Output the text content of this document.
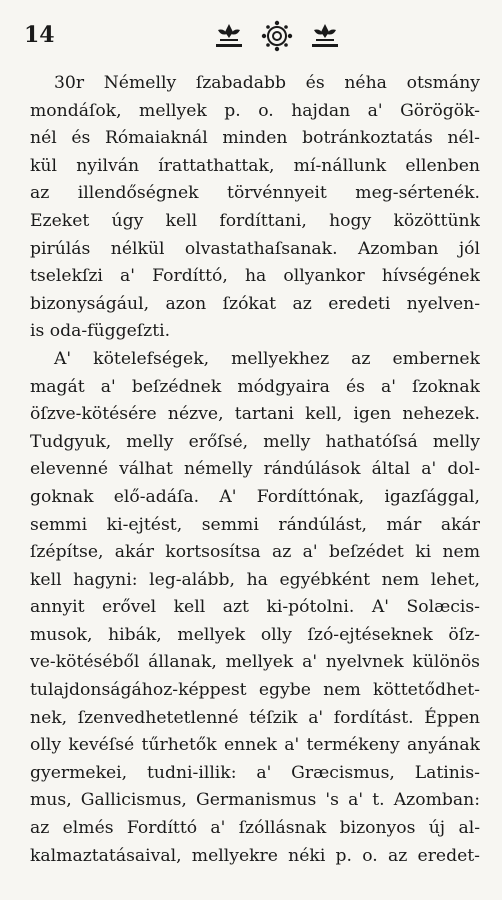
14
30r Némelly ſzabadabb és néha otsmány
mondáſok, mellyek p. o. hajdan a' Görögök-
nél és Rómaiaknál minden botránkoztatás nél-
kül nyilván írattathattak, mí-nállunk ellenben
az illendőségnek törvénnyeit meg-sértenék.
Ezeket úgy kell fordíttani, hogy közöttünk
pirúlás nélkül olvastathaſsanak. Azomban jól
tselekſzi a' Fordíttó, ha ollyankor hívségének
bizonyságául, azon ſzókat az eredeti nyelven-
is oda-függeſzti.
A' kötelefségek, mellyekhez az embernek
magát a' beſzédnek módgyaira és a' ſzoknak
öſzve-kötésére nézve, tartani kell, igen nehezek.
Tudgyuk, melly erőſsé, melly hathatóſsá melly
elevenné válhat némelly rándúlások által a' dol-
goknak elő-adáſa. A' Fordíttónak, igazſággal,
semmi ki-ejtést, semmi rándúlást, már akár
ſzépítse, akár kortsosítsa az a' beſzédet ki nem
kell hagyni: leg-alább, ha egyébként nem lehet,
annyit erővel kell azt ki-pótolni. A' Solæcis-
musok, hibák, mellyek olly ſzó-ejtéseknek öſz-
ve-kötéséből állanak, mellyek a' nyelvnek különös
tulajdonságához-képpest egybe nem köttetődhet-
nek, ſzenvedhetetlenné téſzik a' fordítást. Éppen
olly kevéſsé tűrhetők ennek a' termékeny anyának
gyermekei, tudni-illik: a' Græcismus, Latinis-
mus, Gallicismus, Germanismus 's a' t. Azomban:
az elmés Fordíttó a' ſzóllásnak bizonyos új al-
kalmaztatásaival, mellyekre néki p. o. az eredet-
